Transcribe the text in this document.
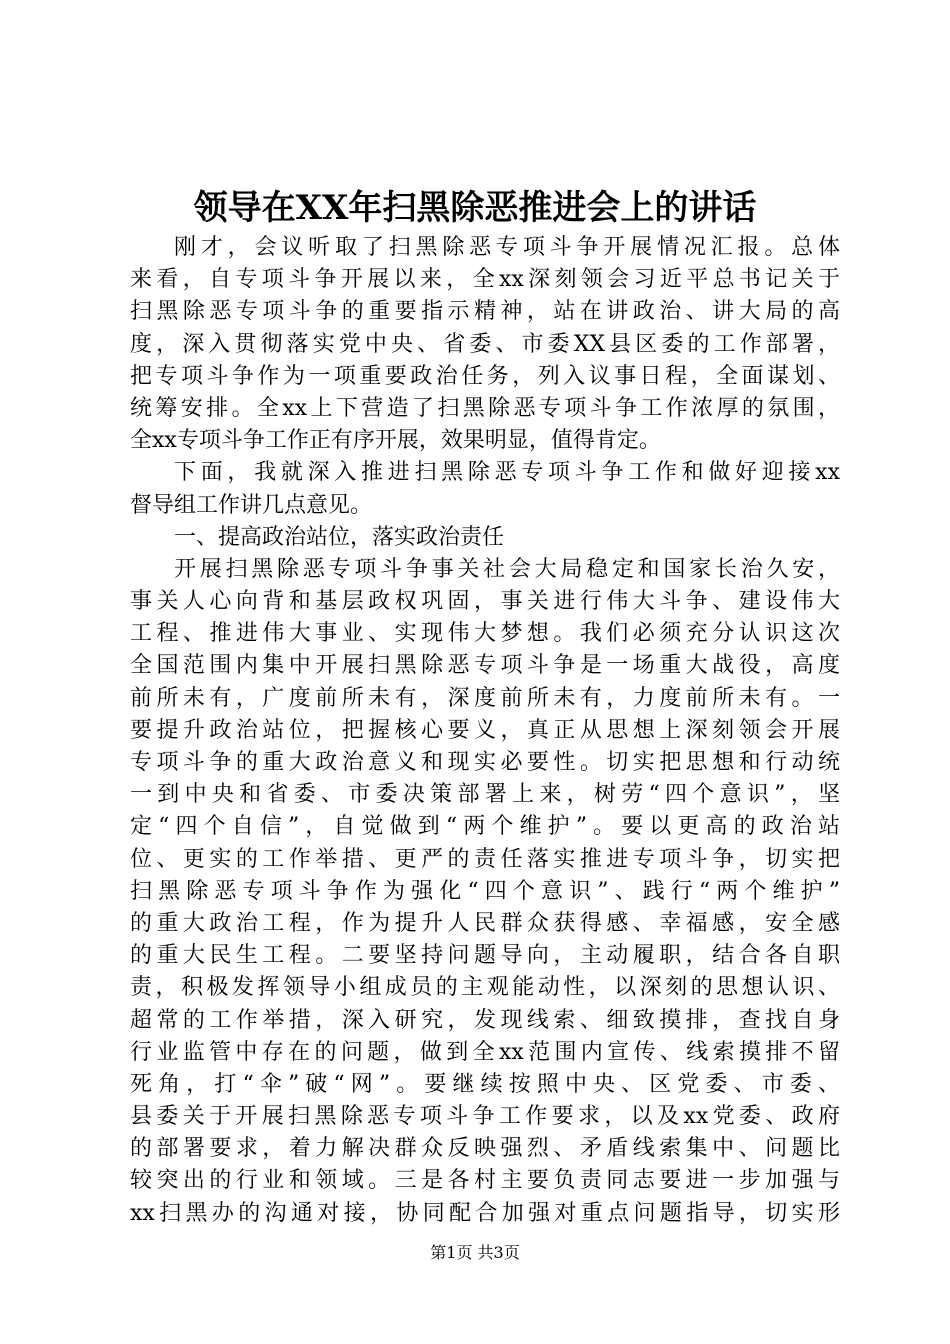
领导在XX年扫黑除恶推进会上的讲话
刚才，会议听取了扫黑除恶专项斗争开展情况汇报。总体
来看，自专项斗争开展以来，全xx深刻领会习近平总书记关于
扫黑除恶专项斗争的重要指示精神，站在讲政治、讲大局的高
度，深入贯彻落实党中央、省委、市委XX县区委的工作部署，
把专项斗争作为一项重要政治任务，列入议事日程，全面谋划、
统筹安排。全xx上下营造了扫黑除恶专项斗争工作浓厚的氛围，
全xx专项斗争工作正有序开展，效果明显，值得肯定。
下面，我就深入推进扫黑除恶专项斗争工作和做好迎接xx
督导组工作讲几点意见。
一、提高政治站位，落实政治责任
开展扫黑除恶专项斗争事关社会大局稳定和国家长治久安，
事关人心向背和基层政权巩固，事关进行伟大斗争、建设伟大
工程、推进伟大事业、实现伟大梦想。我们必须充分认识这次
全国范围内集中开展扫黑除恶专项斗争是一场重大战役，高度
前所未有，广度前所未有，深度前所未有，力度前所未有。一
要提升政治站位，把握核心要义，真正从思想上深刻领会开展
专项斗争的重大政治意义和现实必要性。切实把思想和行动统
一到中央和省委、市委决策部署上来，树劳“四个意识”，坚
定“四个自信”，自觉做到“两个维护”。要以更高的政治站
位、更实的工作举措、更严的责任落实推进专项斗争，切实把
扫黑除恶专项斗争作为强化“四个意识”、践行“两个维护”
的重大政治工程，作为提升人民群众获得感、幸福感，安全感
的重大民生工程。二要坚持问题导向，主动履职，结合各自职
责，积极发挥领导小组成员的主观能动性，以深刻的思想认识、
超常的工作举措，深入研究，发现线索、细致摸排，查找自身
行业监管中存在的问题，做到全xx范围内宣传、线索摸排不留
死角，打“伞”破“网”。要继续按照中央、区党委、市委、
县委关于开展扫黑除恶专项斗争工作要求，以及xx党委、政府
的部署要求，着力解决群众反映强烈、矛盾线索集中、问题比
较突出的行业和领域。三是各村主要负责同志要进一步加强与
xx扫黑办的沟通对接，协同配合加强对重点问题指导，切实形
第1页 共3页
